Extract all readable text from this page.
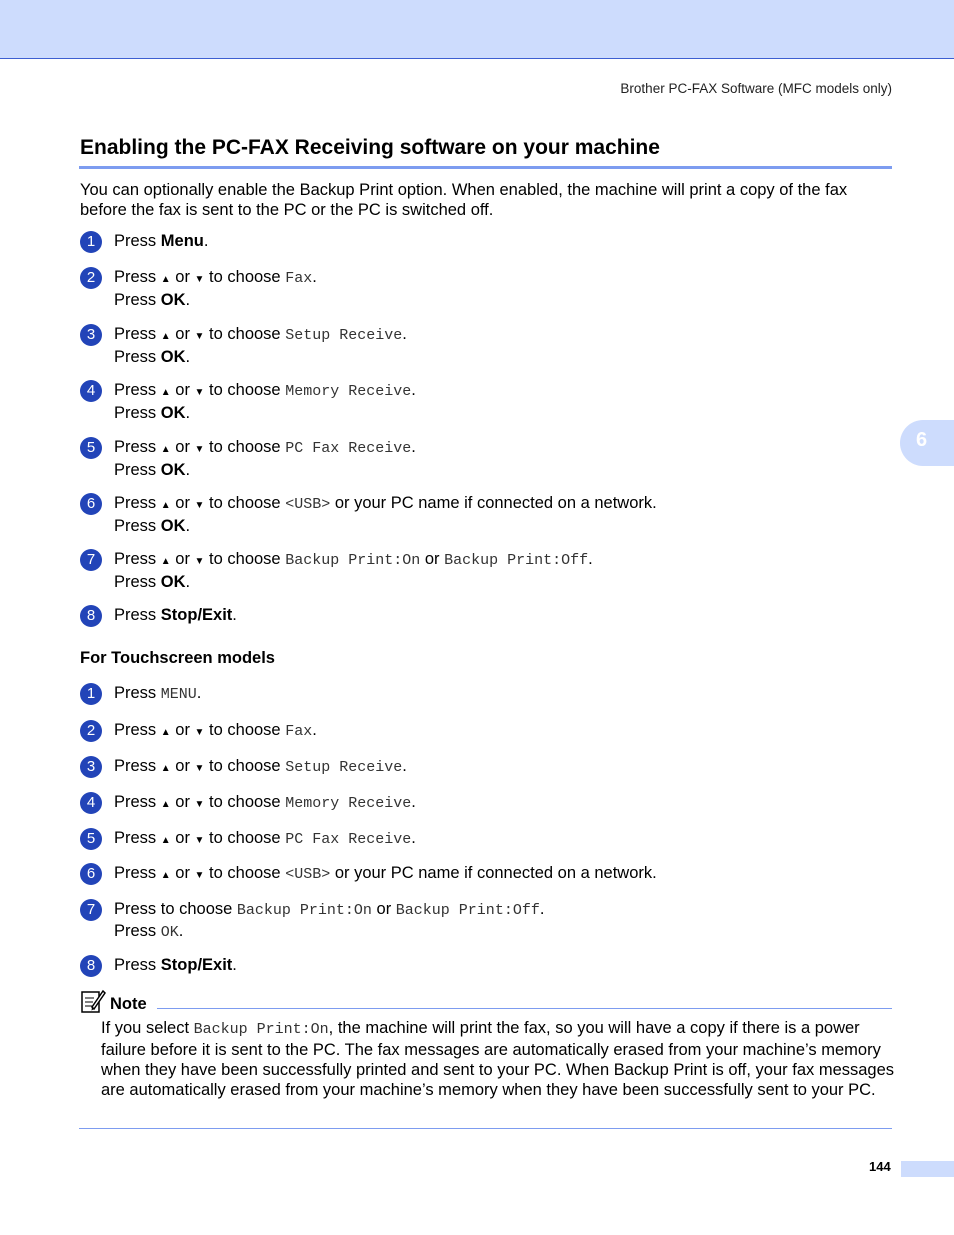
Brother PC-FAX Software (MFC models only)
6
Enabling the PC-FAX Receiving software on your machine
You can optionally enable the Backup Print option. When enabled, the machine will print a copy of the fax before the fax is sent to the PC or the PC is switched off.
1	Press Menu.
2	Press ▲ or ▼ to choose Fax.
Press OK.
3	Press ▲ or ▼ to choose Setup Receive.
Press OK.
4	Press ▲ or ▼ to choose Memory Receive.
Press OK.
5	Press ▲ or ▼ to choose PC Fax Receive.
Press OK.
6	Press ▲ or ▼ to choose <USB> or your PC name if connected on a network.
Press OK.
7	Press ▲ or ▼ to choose Backup Print:On or Backup Print:Off.
Press OK.
8	Press Stop/Exit.
For Touchscreen models
1	Press MENU.
2	Press ▲ or ▼ to choose Fax.
3	Press ▲ or ▼ to choose Setup Receive.
4	Press ▲ or ▼ to choose Memory Receive.
5	Press ▲ or ▼ to choose PC Fax Receive.
6	Press ▲ or ▼ to choose <USB> or your PC name if connected on a network.
7	Press to choose Backup Print:On or Backup Print:Off.
Press OK.
8	Press Stop/Exit.
Note
If you select Backup Print:On, the machine will print the fax, so you will have a copy if there is a power failure before it is sent to the PC. The fax messages are automatically erased from your machine’s memory when they have been successfully printed and sent to your PC. When Backup Print is off, your fax messages are automatically erased from your machine’s memory when they have been successfully sent to your PC.
144
